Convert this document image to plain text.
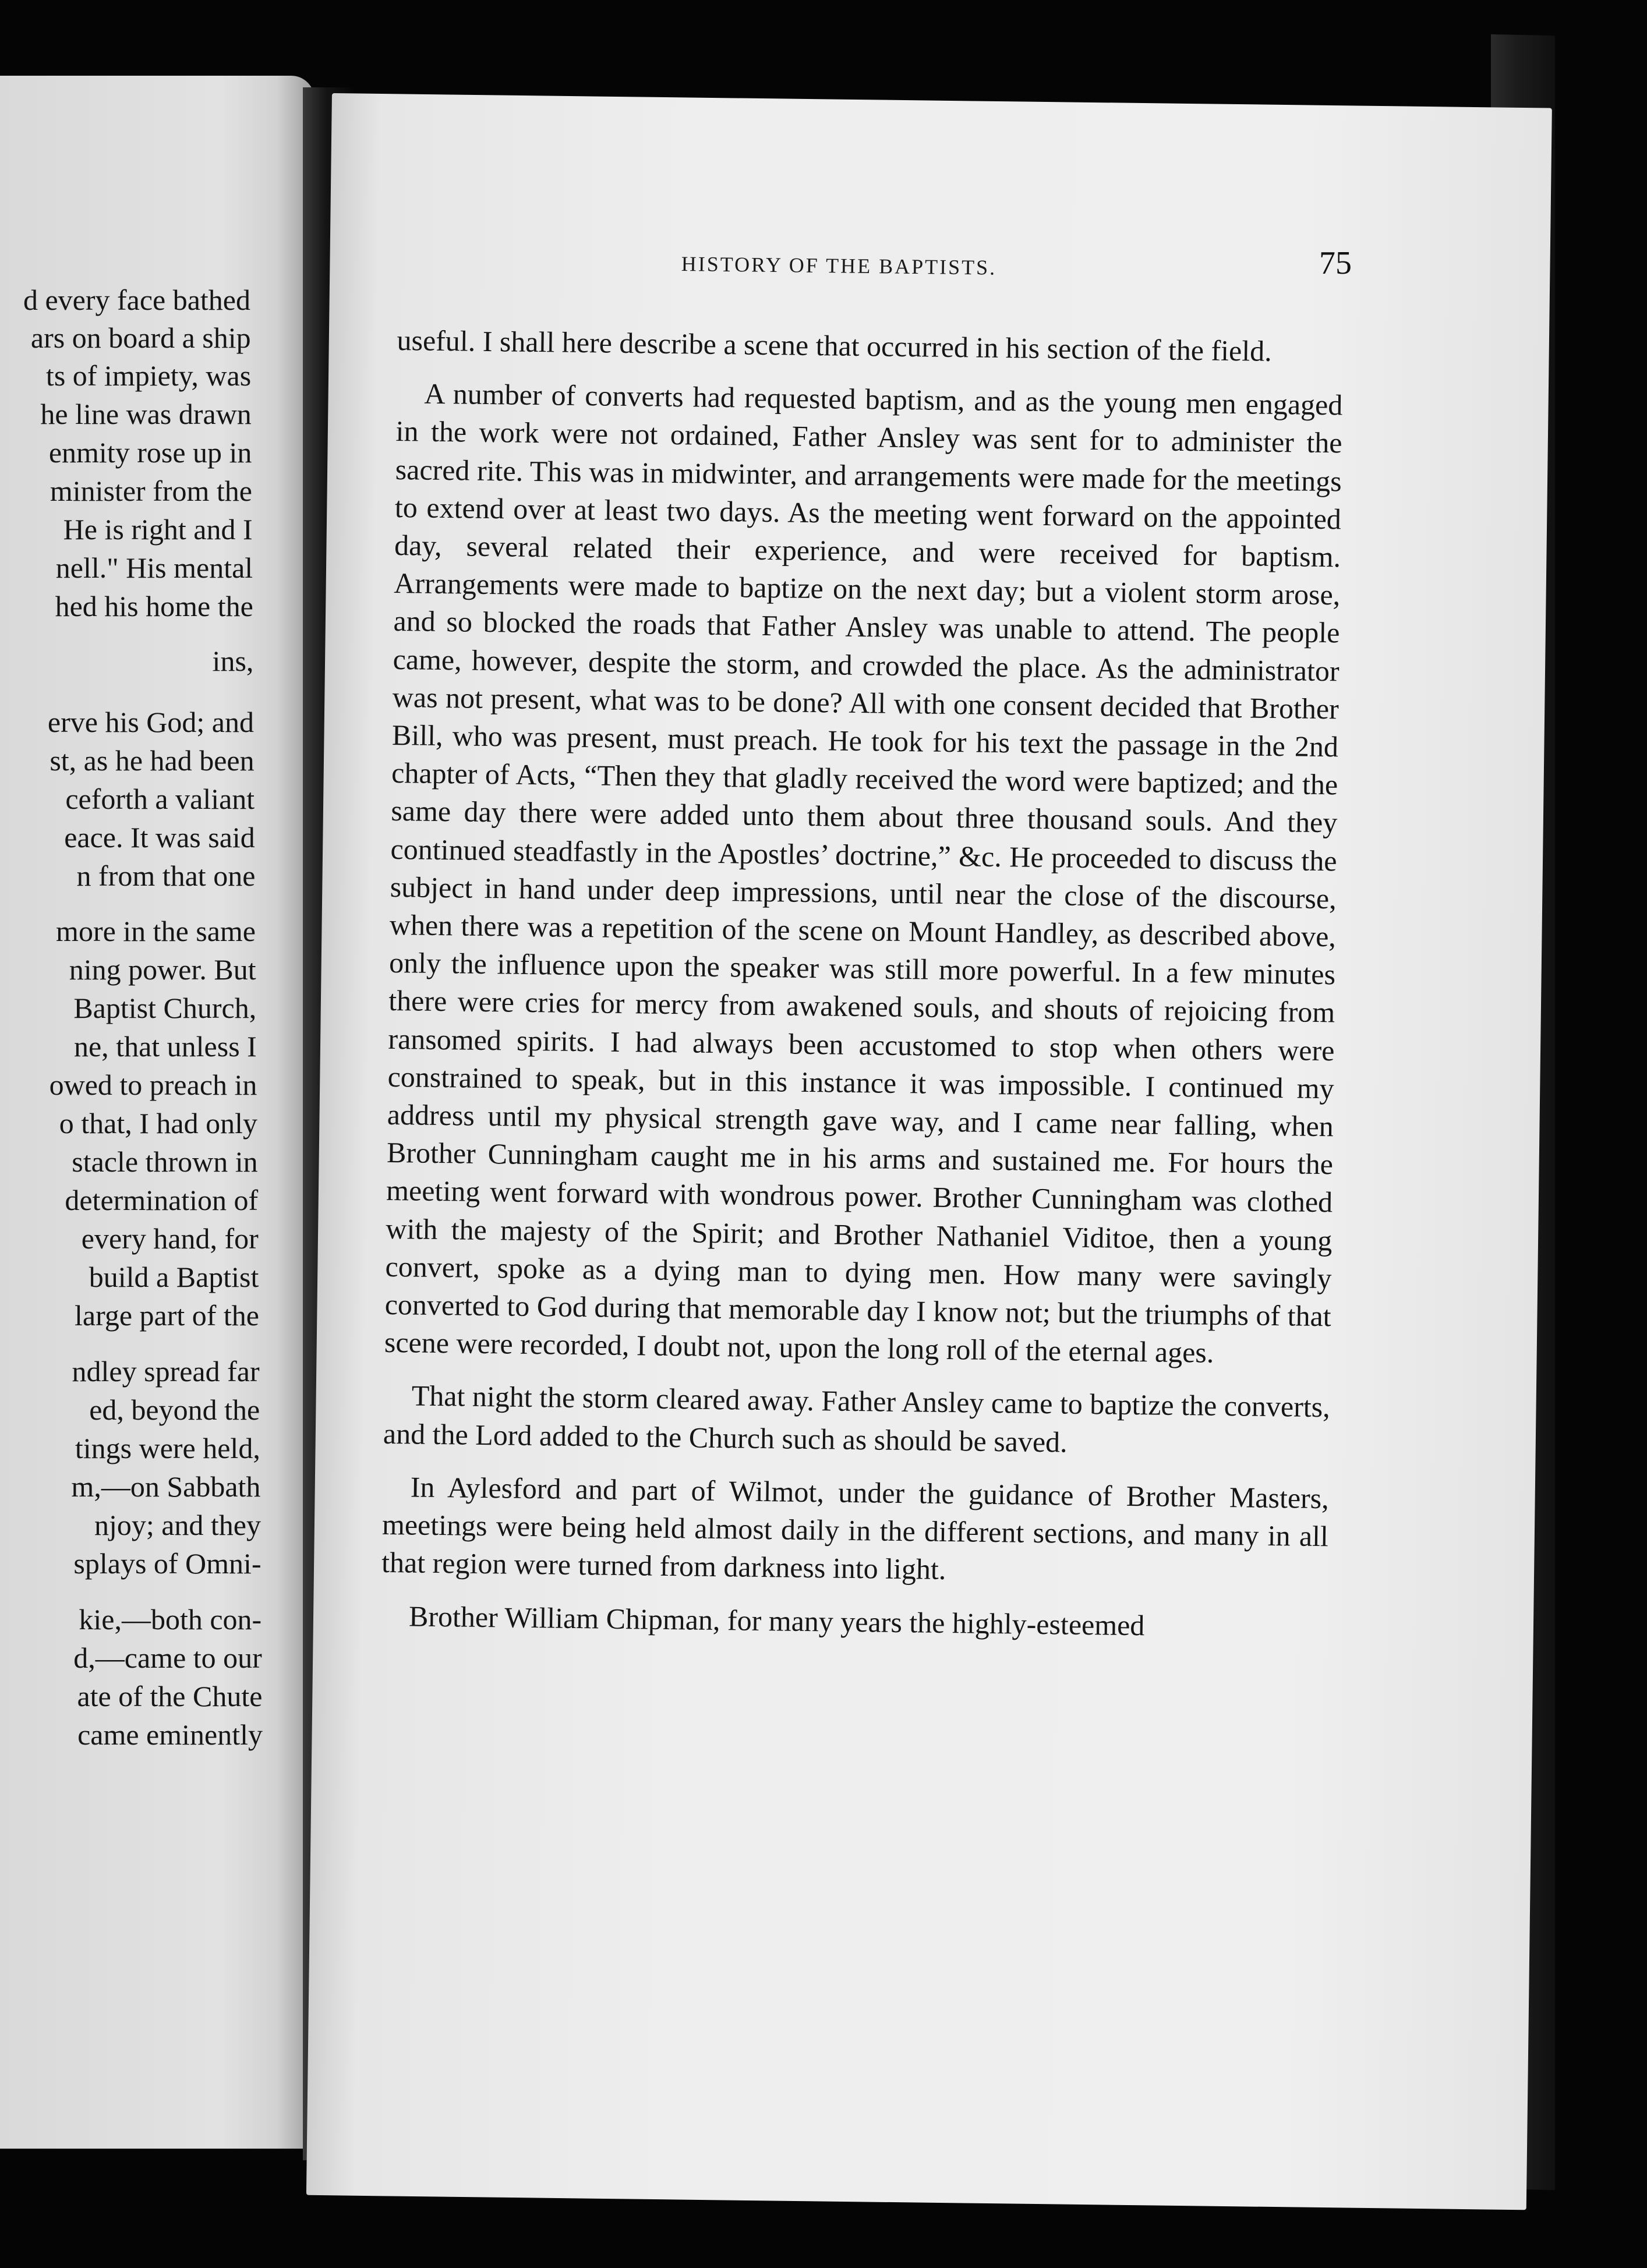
d every face bathed
ars on board a ship
ts of impiety, was
he line was drawn
enmity rose up in
minister from the
He is right and I
nell." His mental
hed his home the
ins,
erve his God; and
st, as he had been
ceforth a valiant
eace. It was said
n from that one
more in the same
ning power. But
Baptist Church,
ne, that unless I
owed to preach in
o that, I had only
stacle thrown in
determination of
every hand, for
build a Baptist
large part of the
ndley spread far
ed, beyond the
tings were held,
m,—on Sabbath
njoy; and they
splays of Omni-
kie,—both con-
d,—came to our
ate of the Chute
came eminently
HISTORY OF THE BAPTISTS.	75

useful. I shall here describe a scene that occurred in his section of the field.

A number of converts had requested baptism, and as the young men engaged in the work were not ordained, Father Ansley was sent for to administer the sacred rite. This was in midwinter, and arrangements were made for the meetings to extend over at least two days. As the meeting went forward on the appointed day, several related their experience, and were received for baptism. Arrangements were made to baptize on the next day; but a violent storm arose, and so blocked the roads that Father Ansley was unable to attend. The people came, however, despite the storm, and crowded the place. As the administrator was not present, what was to be done? All with one consent decided that Brother Bill, who was present, must preach. He took for his text the passage in the 2nd chapter of Acts, “Then they that gladly received the word were baptized; and the same day there were added unto them about three thousand souls. And they continued steadfastly in the Apostles’ doctrine,” &c. He proceeded to discuss the subject in hand under deep impressions, until near the close of the discourse, when there was a repetition of the scene on Mount Handley, as described above, only the influence upon the speaker was still more powerful. In a few minutes there were cries for mercy from awakened souls, and shouts of rejoicing from ransomed spirits. I had always been accustomed to stop when others were constrained to speak, but in this instance it was impossible. I continued my address until my physical strength gave way, and I came near falling, when Brother Cunningham caught me in his arms and sustained me. For hours the meeting went forward with wondrous power. Brother Cunningham was clothed with the majesty of the Spirit; and Brother Nathaniel Viditoe, then a young convert, spoke as a dying man to dying men. How many were savingly converted to God during that memorable day I know not; but the triumphs of that scene were recorded, I doubt not, upon the long roll of the eternal ages.

That night the storm cleared away. Father Ansley came to baptize the converts, and the Lord added to the Church such as should be saved.

In Aylesford and part of Wilmot, under the guidance of Brother Masters, meetings were being held almost daily in the different sections, and many in all that region were turned from darkness into light.

Brother William Chipman, for many years the highly-esteemed
